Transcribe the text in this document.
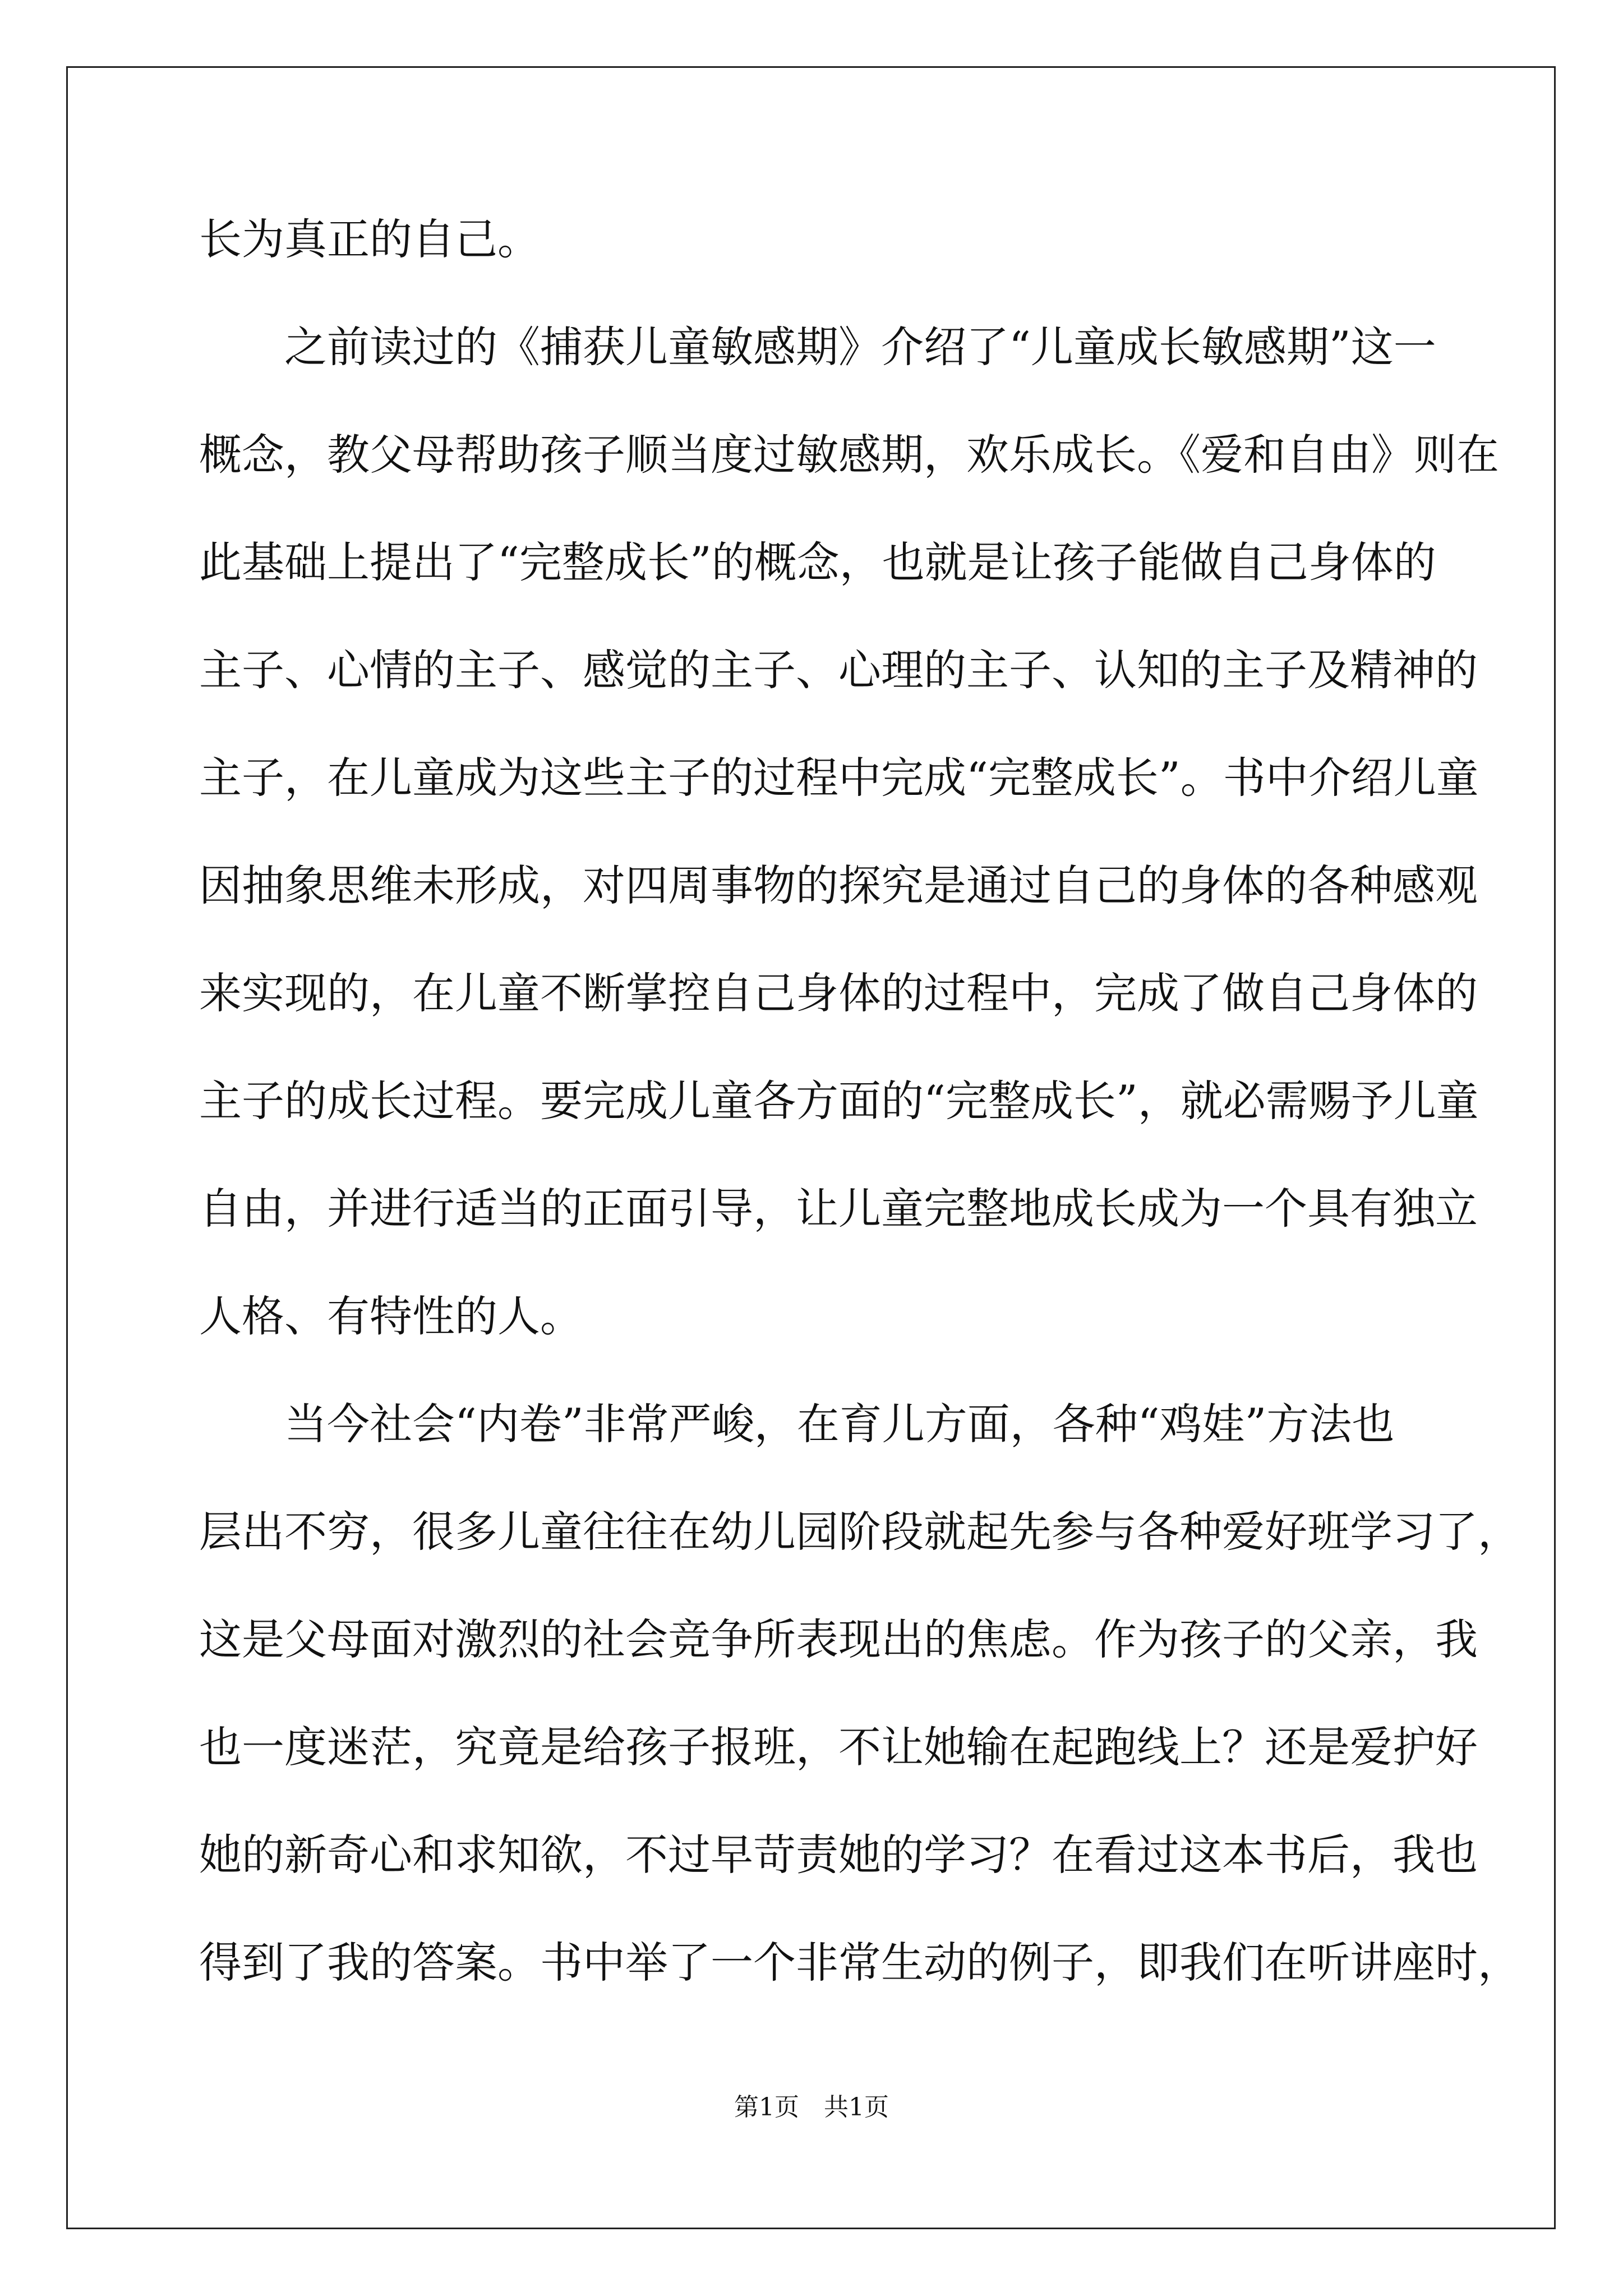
长为真正的自己。
之前读过的《捕获儿童敏感期》介绍了“儿童成长敏感期”这一
概念，教父母帮助孩子顺当度过敏感期，欢乐成长。《爱和自由》则在
此基础上提出了“完整成长”的概念，也就是让孩子能做自己身体的
主子、心情的主子、感觉的主子、心理的主子、认知的主子及精神的
主子，在儿童成为这些主子的过程中完成“完整成长”。书中介绍儿童
因抽象思维未形成，对四周事物的探究是通过自己的身体的各种感观
来实现的，在儿童不断掌控自己身体的过程中，完成了做自己身体的
主子的成长过程。要完成儿童各方面的“完整成长”，就必需赐予儿童
自由，并进行适当的正面引导，让儿童完整地成长成为一个具有独立
人格、有特性的人。
当今社会“内卷”非常严峻，在育儿方面，各种“鸡娃”方法也
层出不穷，很多儿童往往在幼儿园阶段就起先参与各种爱好班学习了，
这是父母面对激烈的社会竞争所表现出的焦虑。作为孩子的父亲，我
也一度迷茫，究竟是给孩子报班，不让她输在起跑线上？还是爱护好
她的新奇心和求知欲，不过早苛责她的学习？在看过这本书后，我也
得到了我的答案。书中举了一个非常生动的例子，即我们在听讲座时，
第1页　共1页
